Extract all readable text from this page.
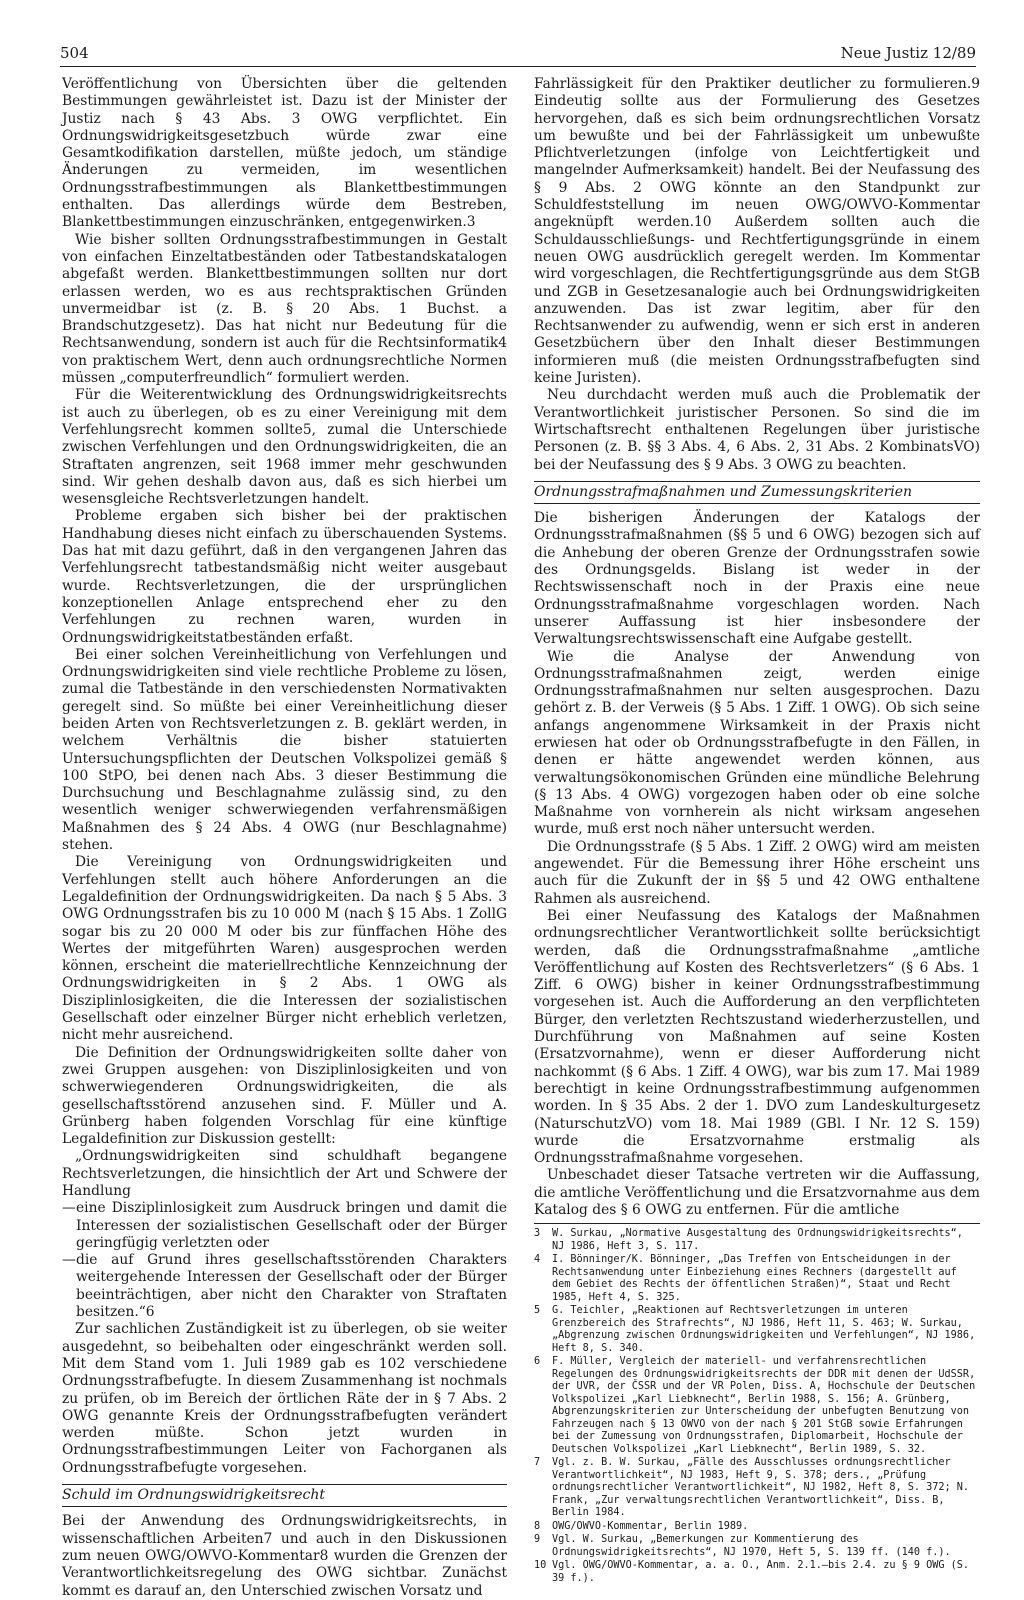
504	Neue Justiz 12/89

Veröffentlichung von Übersichten über die geltenden Bestimmungen gewährleistet ist. Dazu ist der Minister der Justiz nach § 43 Abs. 3 OWG verpflichtet. Ein Ordnungswidrigkeitsgesetzbuch würde zwar eine Gesamtkodifikation darstellen, müßte jedoch, um ständige Änderungen zu vermeiden, im wesentlichen Ordnungsstrafbestimmungen als Blankettbestimmungen enthalten. Das allerdings würde dem Bestreben, Blankettbestimmungen einzuschränken, entgegenwirken.3

Wie bisher sollten Ordnungsstrafbestimmungen in Gestalt von einfachen Einzeltatbeständen oder Tatbestandskatalogen abgefaßt werden. Blankettbestimmungen sollten nur dort erlassen werden, wo es aus rechtspraktischen Gründen unvermeidbar ist (z. B. § 20 Abs. 1 Buchst. a Brandschutzgesetz). Das hat nicht nur Bedeutung für die Rechtsanwendung, sondern ist auch für die Rechtsinformatik4 von praktischem Wert, denn auch ordnungsrechtliche Normen müssen „computerfreundlich“ formuliert werden.

Für die Weiterentwicklung des Ordnungswidrigkeitsrechts ist auch zu überlegen, ob es zu einer Vereinigung mit dem Verfehlungsrecht kommen sollte5, zumal die Unterschiede zwischen Verfehlungen und den Ordnungswidrigkeiten, die an Straftaten angrenzen, seit 1968 immer mehr geschwunden sind. Wir gehen deshalb davon aus, daß es sich hierbei um wesensgleiche Rechtsverletzungen handelt.

Probleme ergaben sich bisher bei der praktischen Handhabung dieses nicht einfach zu überschauenden Systems. Das hat mit dazu geführt, daß in den vergangenen Jahren das Verfehlungsrecht tatbestandsmäßig nicht weiter ausgebaut wurde. Rechtsverletzungen, die der ursprünglichen konzeptionellen Anlage entsprechend eher zu den Verfehlungen zu rechnen waren, wurden in Ordnungswidrigkeitstatbeständen erfaßt.

Bei einer solchen Vereinheitlichung von Verfehlungen und Ordnungswidrigkeiten sind viele rechtliche Probleme zu lösen, zumal die Tatbestände in den verschiedensten Normativakten geregelt sind. So müßte bei einer Vereinheitlichung dieser beiden Arten von Rechtsverletzungen z. B. geklärt werden, in welchem Verhältnis die bisher statuierten Untersuchungspflichten der Deutschen Volkspolizei gemäß § 100 StPO, bei denen nach Abs. 3 dieser Bestimmung die Durchsuchung und Beschlagnahme zulässig sind, zu den wesentlich weniger schwerwiegenden verfahrensmäßigen Maßnahmen des § 24 Abs. 4 OWG (nur Beschlagnahme) stehen.

Die Vereinigung von Ordnungswidrigkeiten und Verfehlungen stellt auch höhere Anforderungen an die Legaldefinition der Ordnungswidrigkeiten. Da nach § 5 Abs. 3 OWG Ordnungsstrafen bis zu 10 000 M (nach § 15 Abs. 1 ZollG sogar bis zu 20 000 M oder bis zur fünffachen Höhe des Wertes der mitgeführten Waren) ausgesprochen werden können, erscheint die materiellrechtliche Kennzeichnung der Ordnungswidrigkeiten in § 2 Abs. 1 OWG als Disziplinlosigkeiten, die die Interessen der sozialistischen Gesellschaft oder einzelner Bürger nicht erheblich verletzen, nicht mehr ausreichend.

Die Definition der Ordnungswidrigkeiten sollte daher von zwei Gruppen ausgehen: von Disziplinlosigkeiten und von schwerwiegenderen Ordnungswidrigkeiten, die als gesellschaftsstörend anzusehen sind. F. Müller und A. Grünberg haben folgenden Vorschlag für eine künftige Legaldefinition zur Diskussion gestellt:

„Ordnungswidrigkeiten sind schuldhaft begangene Rechtsverletzungen, die hinsichtlich der Art und Schwere der Handlung

— eine Disziplinlosigkeit zum Ausdruck bringen und damit die Interessen der sozialistischen Gesellschaft oder der Bürger geringfügig verletzten oder
— die auf Grund ihres gesellschaftsstörenden Charakters weitergehende Interessen der Gesellschaft oder der Bürger beeinträchtigen, aber nicht den Charakter von Straftaten besitzen.“6

Zur sachlichen Zuständigkeit ist zu überlegen, ob sie weiter ausgedehnt, so beibehalten oder eingeschränkt werden soll. Mit dem Stand vom 1. Juli 1989 gab es 102 verschiedene Ordnungsstrafbefugte. In diesem Zusammenhang ist nochmals zu prüfen, ob im Bereich der örtlichen Räte der in § 7 Abs. 2 OWG genannte Kreis der Ordnungsstrafbefugten verändert werden müßte. Schon jetzt wurden in Ordnungsstrafbestimmungen Leiter von Fachorganen als Ordnungsstrafbefugte vorgesehen.

Schuld im Ordnungswidrigkeitsrecht

Bei der Anwendung des Ordnungswidrigkeitsrechts, in wissenschaftlichen Arbeiten7 und auch in den Diskussionen zum neuen OWG/OWVO-Kommentar8 wurden die Grenzen der Verantwortlichkeitsregelung des OWG sichtbar. Zunächst kommt es darauf an, den Unterschied zwischen Vorsatz und

Fahrlässigkeit für den Praktiker deutlicher zu formulieren.9 Eindeutig sollte aus der Formulierung des Gesetzes hervorgehen, daß es sich beim ordnungsrechtlichen Vorsatz um bewußte und bei der Fahrlässigkeit um unbewußte Pflichtverletzungen (infolge von Leichtfertigkeit und mangelnder Aufmerksamkeit) handelt. Bei der Neufassung des § 9 Abs. 2 OWG könnte an den Standpunkt zur Schuldfeststellung im neuen OWG/OWVO-Kommentar angeknüpft werden.10 Außerdem sollten auch die Schuldausschließungs- und Rechtfertigungsgründe in einem neuen OWG ausdrücklich geregelt werden. Im Kommentar wird vorgeschlagen, die Rechtfertigungsgründe aus dem StGB und ZGB in Gesetzesanalogie auch bei Ordnungswidrigkeiten anzuwenden. Das ist zwar legitim, aber für den Rechtsanwender zu aufwendig, wenn er sich erst in anderen Gesetzbüchern über den Inhalt dieser Bestimmungen informieren muß (die meisten Ordnungsstrafbefugten sind keine Juristen).

Neu durchdacht werden muß auch die Problematik der Verantwortlichkeit juristischer Personen. So sind die im Wirtschaftsrecht enthaltenen Regelungen über juristische Personen (z. B. §§ 3 Abs. 4, 6 Abs. 2, 31 Abs. 2 KombinatsVO) bei der Neufassung des § 9 Abs. 3 OWG zu beachten.

Ordnungsstrafmaßnahmen und Zumessungskriterien

Die bisherigen Änderungen der Katalogs der Ordnungsstrafmaßnahmen (§§ 5 und 6 OWG) bezogen sich auf die Anhebung der oberen Grenze der Ordnungsstrafen sowie des Ordnungsgelds. Bislang ist weder in der Rechtswissenschaft noch in der Praxis eine neue Ordnungsstrafmaßnahme vorgeschlagen worden. Nach unserer Auffassung ist hier insbesondere der Verwaltungsrechtswissenschaft eine Aufgabe gestellt.

Wie die Analyse der Anwendung von Ordnungsstrafmaßnahmen zeigt, werden einige Ordnungsstrafmaßnahmen nur selten ausgesprochen. Dazu gehört z. B. der Verweis (§ 5 Abs. 1 Ziff. 1 OWG). Ob sich seine anfangs angenommene Wirksamkeit in der Praxis nicht erwiesen hat oder ob Ordnungsstrafbefugte in den Fällen, in denen er hätte angewendet werden können, aus verwaltungsökonomischen Gründen eine mündliche Belehrung (§ 13 Abs. 4 OWG) vorgezogen haben oder ob eine solche Maßnahme von vornherein als nicht wirksam angesehen wurde, muß erst noch näher untersucht werden.

Die Ordnungsstrafe (§ 5 Abs. 1 Ziff. 2 OWG) wird am meisten angewendet. Für die Bemessung ihrer Höhe erscheint uns auch für die Zukunft der in §§ 5 und 42 OWG enthaltene Rahmen als ausreichend.

Bei einer Neufassung des Katalogs der Maßnahmen ordnungsrechtlicher Verantwortlichkeit sollte berücksichtigt werden, daß die Ordnungsstrafmaßnahme „amtliche Veröffentlichung auf Kosten des Rechtsverletzers“ (§ 6 Abs. 1 Ziff. 6 OWG) bisher in keiner Ordnungsstrafbestimmung vorgesehen ist. Auch die Aufforderung an den verpflichteten Bürger, den verletzten Rechtszustand wiederherzustellen, und Durchführung von Maßnahmen auf seine Kosten (Ersatzvornahme), wenn er dieser Aufforderung nicht nachkommt (§ 6 Abs. 1 Ziff. 4 OWG), war bis zum 17. Mai 1989 berechtigt in keine Ordnungsstrafbestimmung aufgenommen worden. In § 35 Abs. 2 der 1. DVO zum Landeskulturgesetz (NaturschutzVO) vom 18. Mai 1989 (GBl. I Nr. 12 S. 159) wurde die Ersatzvornahme erstmalig als Ordnungsstrafmaßnahme vorgesehen.

Unbeschadet dieser Tatsache vertreten wir die Auffassung, die amtliche Veröffentlichung und die Ersatzvornahme aus dem Katalog des § 6 OWG zu entfernen. Für die amtliche

3	W. Surkau, „Normative Ausgestaltung des Ordnungswidrigkeitsrechts“, NJ 1986, Heft 3, S. 117.
4	I. Bönninger/K. Bönninger, „Das Treffen von Entscheidungen in der Rechtsanwendung unter Einbeziehung eines Rechners (dargestellt auf dem Gebiet des Rechts der öffentlichen Straßen)“, Staat und Recht 1985, Heft 4, S. 325.
5	G. Teichler, „Reaktionen auf Rechtsverletzungen im unteren Grenzbereich des Strafrechts“, NJ 1986, Heft 11, S. 463; W. Surkau, „Abgrenzung zwischen Ordnungswidrigkeiten und Verfehlungen“, NJ 1986, Heft 8, S. 340.
6	F. Müller, Vergleich der materiell- und verfahrensrechtlichen Regelungen des Ordnungswidrigkeitsrechts der DDR mit denen der UdSSR, der UVR, der ČSSR und der VR Polen, Diss. A, Hochschule der Deutschen Volkspolizei „Karl Liebknecht“, Berlin 1988, S. 156; A. Grünberg, Abgrenzungskriterien zur Unterscheidung der unbefugten Benutzung von Fahrzeugen nach § 13 OWVO von der nach § 201 StGB sowie Erfahrungen bei der Zumessung von Ordnungsstrafen, Diplomarbeit, Hochschule der Deutschen Volkspolizei „Karl Liebknecht“, Berlin 1989, S. 32.
7	Vgl. z. B. W. Surkau, „Fälle des Ausschlusses ordnungsrechtlicher Verantwortlichkeit“, NJ 1983, Heft 9, S. 378; ders., „Prüfung ordnungsrechtlicher Verantwortlichkeit“, NJ 1982, Heft 8, S. 372; N. Frank, „Zur verwaltungsrechtlichen Verantwortlichkeit“, Diss. B, Berlin 1984.
8	OWG/OWVO-Kommentar, Berlin 1989.
9	Vgl. W. Surkau, „Bemerkungen zur Kommentierung des Ordnungswidrigkeitsrechts“, NJ 1970, Heft 5, S. 139 ff. (140 f.).
10 Vgl. OWG/OWVO-Kommentar, a. a. O., Anm. 2.1.—bis 2.4. zu § 9 OWG (S. 39 f.).
